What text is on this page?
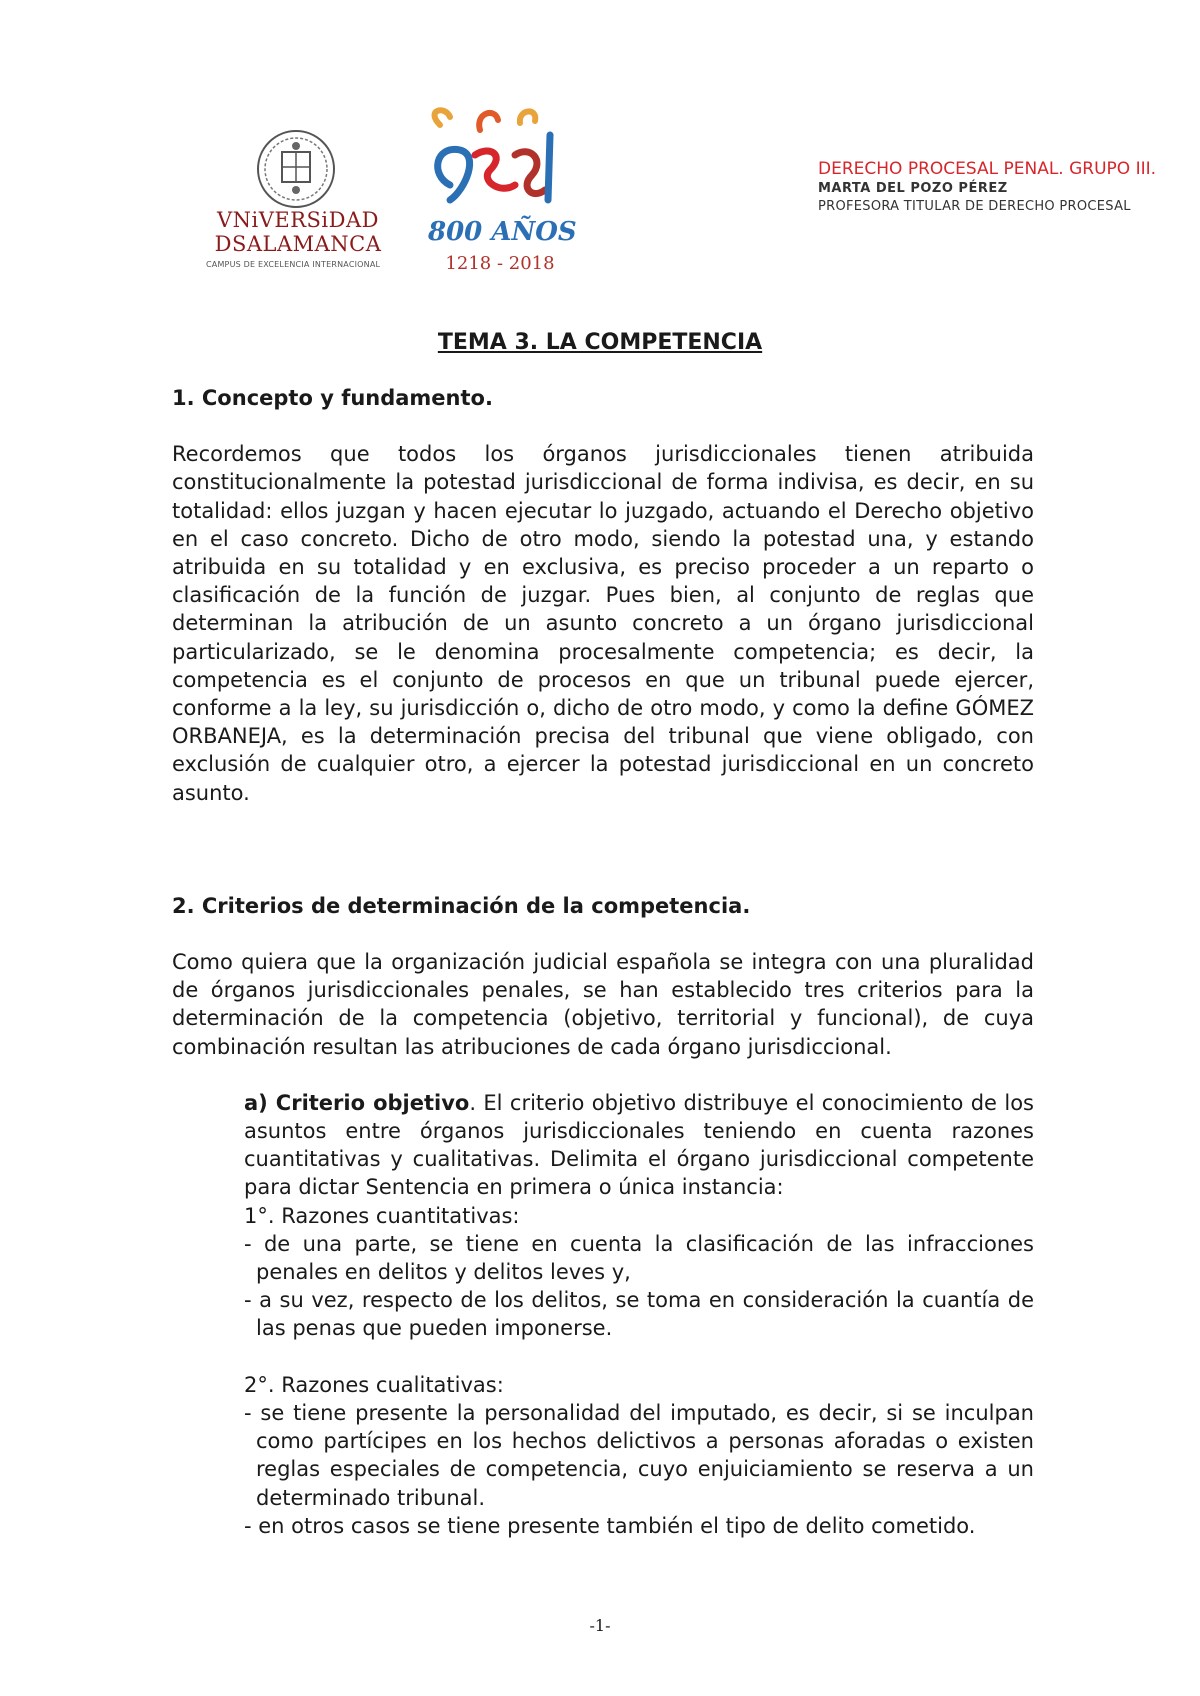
VNiVERSiDAD
DSALAMANCA
CAMPUS DE EXCELENCIA INTERNACIONAL
800 AÑOS
1218 - 2018
DERECHO PROCESAL PENAL. GRUPO III.
MARTA DEL POZO PÉREZ
PROFESORA TITULAR DE DERECHO PROCESAL
TEMA 3. LA COMPETENCIA

1. Concepto y fundamento.

Recordemos que todos los órganos jurisdiccionales tienen atribuida constitucionalmente la potestad jurisdiccional de forma indivisa, es decir, en su totalidad: ellos juzgan y hacen ejecutar lo juzgado, actuando el Derecho objetivo en el caso concreto. Dicho de otro modo, siendo la potestad una, y estando atribuida en su totalidad y en exclusiva, es preciso proceder a un reparto o clasificación de la función de juzgar. Pues bien, al conjunto de reglas que determinan la atribución de un asunto concreto a un órgano jurisdiccional particularizado, se le denomina procesalmente competencia; es decir, la competencia es el conjunto de procesos en que un tribunal puede ejercer, conforme a la ley, su jurisdicción o, dicho de otro modo, y como la define GÓMEZ ORBANEJA, es la determinación precisa del tribunal que viene obligado, con exclusión de cualquier otro, a ejercer la potestad jurisdiccional en un concreto asunto.

2. Criterios de determinación de la competencia.

Como quiera que la organización judicial española se integra con una pluralidad de órganos jurisdiccionales penales, se han establecido tres criterios para la determinación de la competencia (objetivo, territorial y funcional), de cuya combinación resultan las atribuciones de cada órgano jurisdiccional.

a) Criterio objetivo. El criterio objetivo distribuye el conocimiento de los asuntos entre órganos jurisdiccionales teniendo en cuenta razones cuantitativas y cualitativas. Delimita el órgano jurisdiccional competente para dictar Sentencia en primera o única instancia:

1°. Razones cuantitativas:
- de una parte, se tiene en cuenta la clasificación de las infracciones penales en delitos y delitos leves y,
- a su vez, respecto de los delitos, se toma en consideración la cuantía de las penas que pueden imponerse.
2°. Razones cualitativas:
- se tiene presente la personalidad del imputado, es decir, si se inculpan como partícipes en los hechos delictivos a personas aforadas o existen reglas especiales de competencia, cuyo enjuiciamiento se reserva a un determinado tribunal.
- en otros casos se tiene presente también el tipo de delito cometido.
-1-
